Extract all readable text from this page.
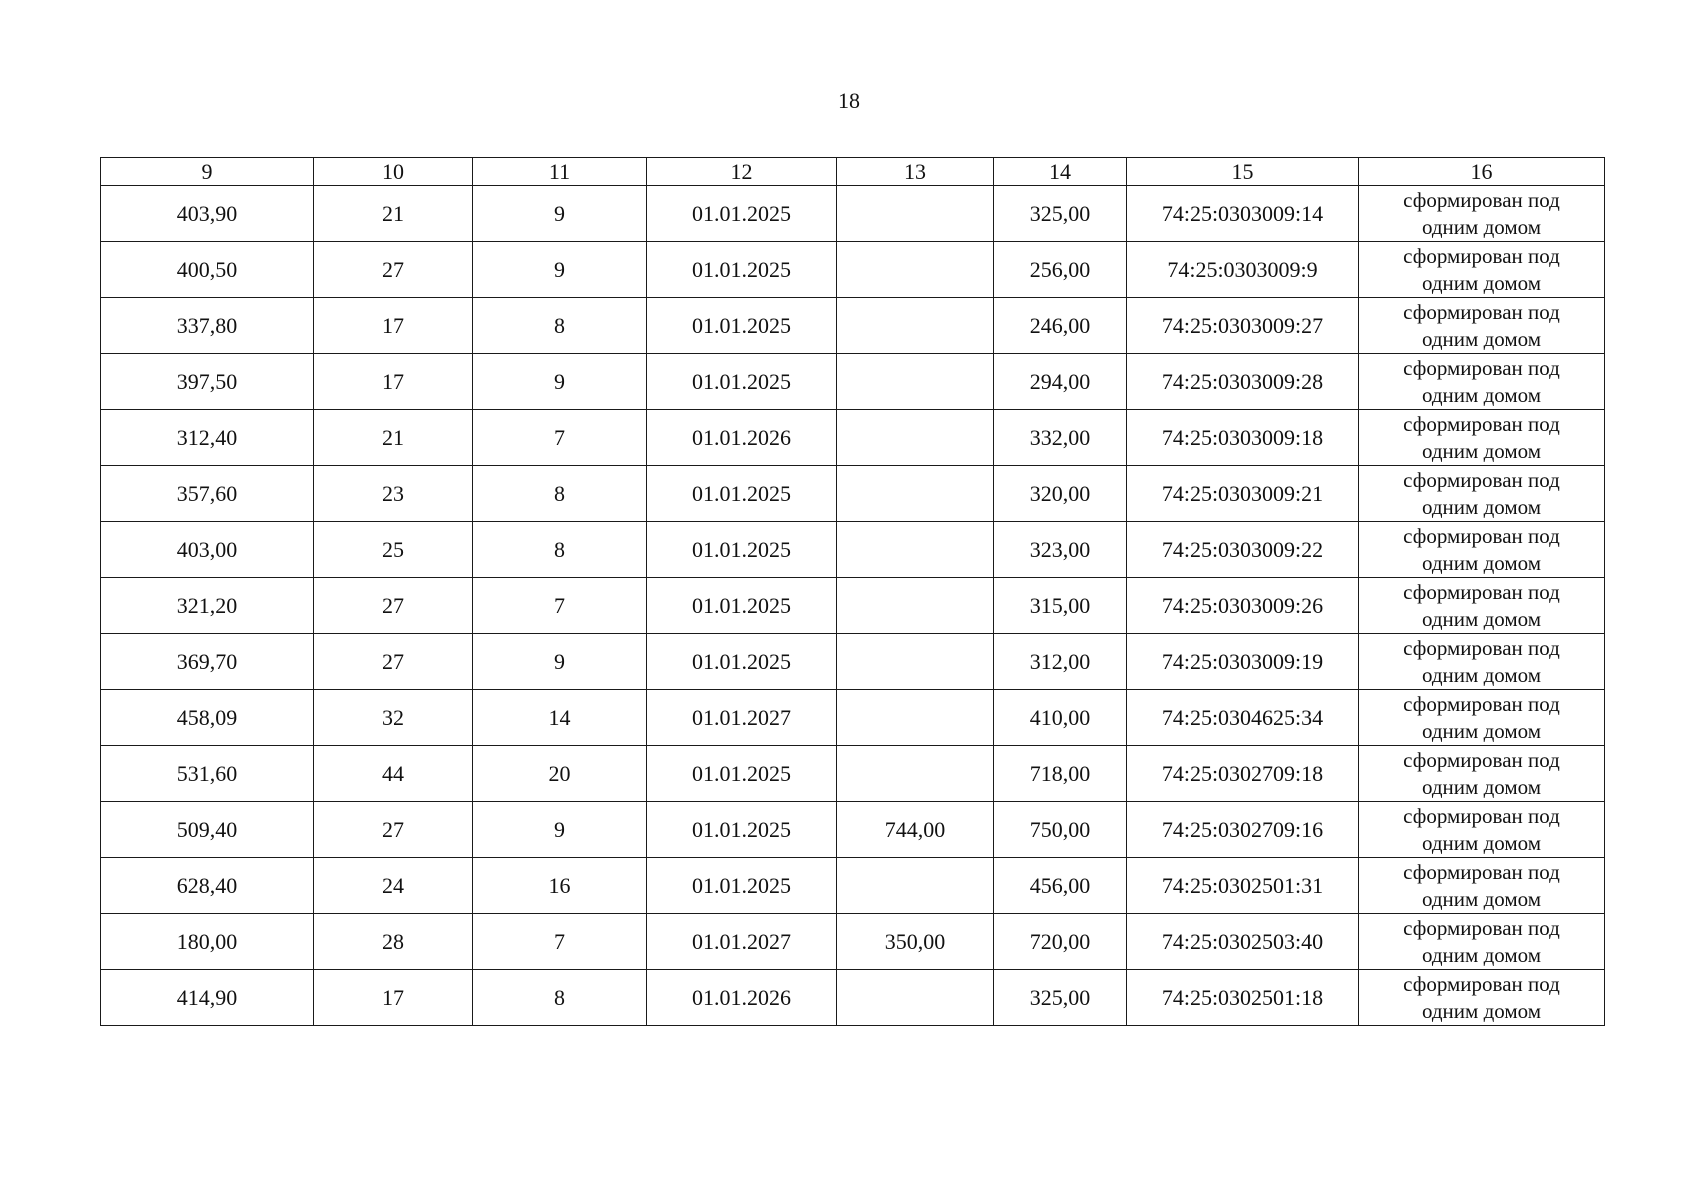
18
9	10	11	12	13	14	15	16
403,90	21	9	01.01.2025		325,00	74:25:0303009:14	сформирован под
одним домом

400,50	27	9	01.01.2025		256,00	74:25:0303009:9	сформирован под
одним домом

337,80	17	8	01.01.2025		246,00	74:25:0303009:27	сформирован под
одним домом

397,50	17	9	01.01.2025		294,00	74:25:0303009:28	сформирован под
одним домом

312,40	21	7	01.01.2026		332,00	74:25:0303009:18	сформирован под
одним домом

357,60	23	8	01.01.2025		320,00	74:25:0303009:21	сформирован под
одним домом

403,00	25	8	01.01.2025		323,00	74:25:0303009:22	сформирован под
одним домом

321,20	27	7	01.01.2025		315,00	74:25:0303009:26	сформирован под
одним домом

369,70	27	9	01.01.2025		312,00	74:25:0303009:19	сформирован под
одним домом

458,09	32	14	01.01.2027		410,00	74:25:0304625:34	сформирован под
одним домом

531,60	44	20	01.01.2025		718,00	74:25:0302709:18	сформирован под
одним домом

509,40	27	9	01.01.2025	744,00	750,00	74:25:0302709:16	сформирован под
одним домом

628,40	24	16	01.01.2025		456,00	74:25:0302501:31	сформирован под
одним домом

180,00	28	7	01.01.2027	350,00	720,00	74:25:0302503:40	сформирован под
одним домом

414,90	17	8	01.01.2026		325,00	74:25:0302501:18	сформирован под
одним домом
